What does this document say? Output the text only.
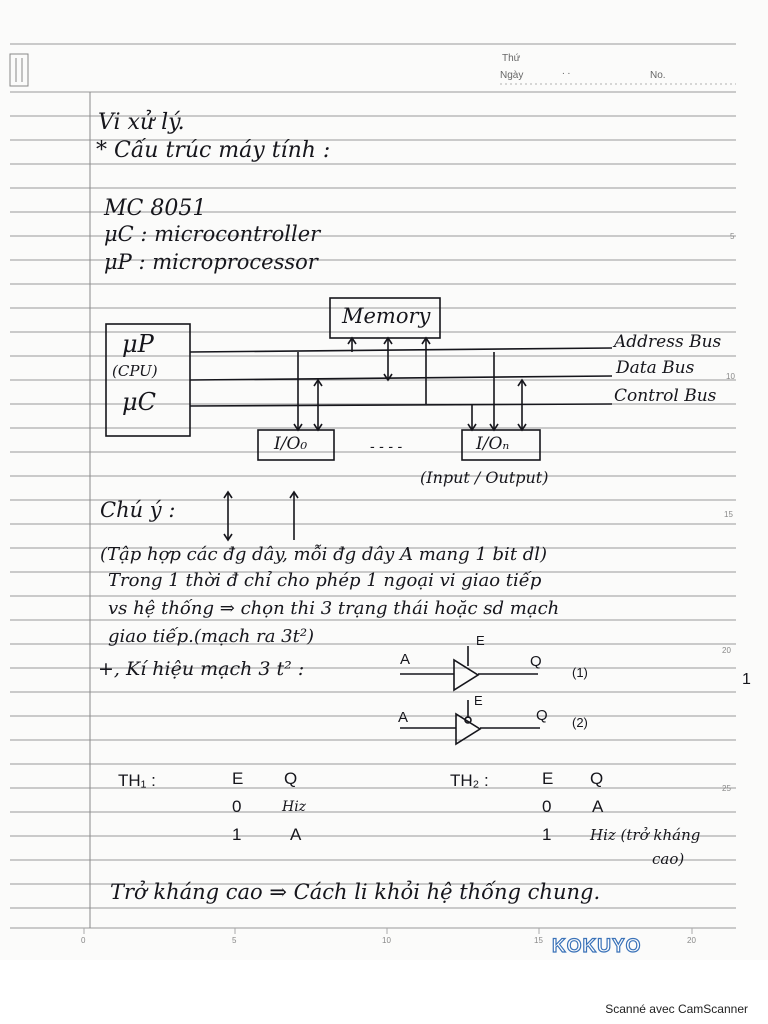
Thứ
Ngày	. .	No.
5
10
15
20
25
0	5	10	15	20
Vi xử lý.
* Cấu trúc máy tính :
MC 8051
μC : microcontroller
μP : microprocessor
Memory
μP
(CPU)
μC
Address Bus
Data Bus
Control Bus
I/O₀	- - - -	I/Oₙ
(Input / Output)
Chú ý :
(Tập hợp các đg dây, mỗi đg dây A mang 1 bit dl)
Trong 1 thời đ chỉ cho phép 1 ngoại vi giao tiếp
vs hệ thống ⇒ chọn thi 3 trạng thái hoặc sd mạch
giao tiếp.(mạch ra 3t²)
+, Kí hiệu mạch 3 t² :	A
E
Q
(1)
A
E
Q (2)
1
TH₁ :	E Q
0	Hiz
1	A
TH₂ :	E Q
0 A
1	Hiz (trở kháng
cao)
Trở kháng cao ⇒ Cách li khỏi hệ thống chung.
KOKUYO
Scanné avec CamScanner
